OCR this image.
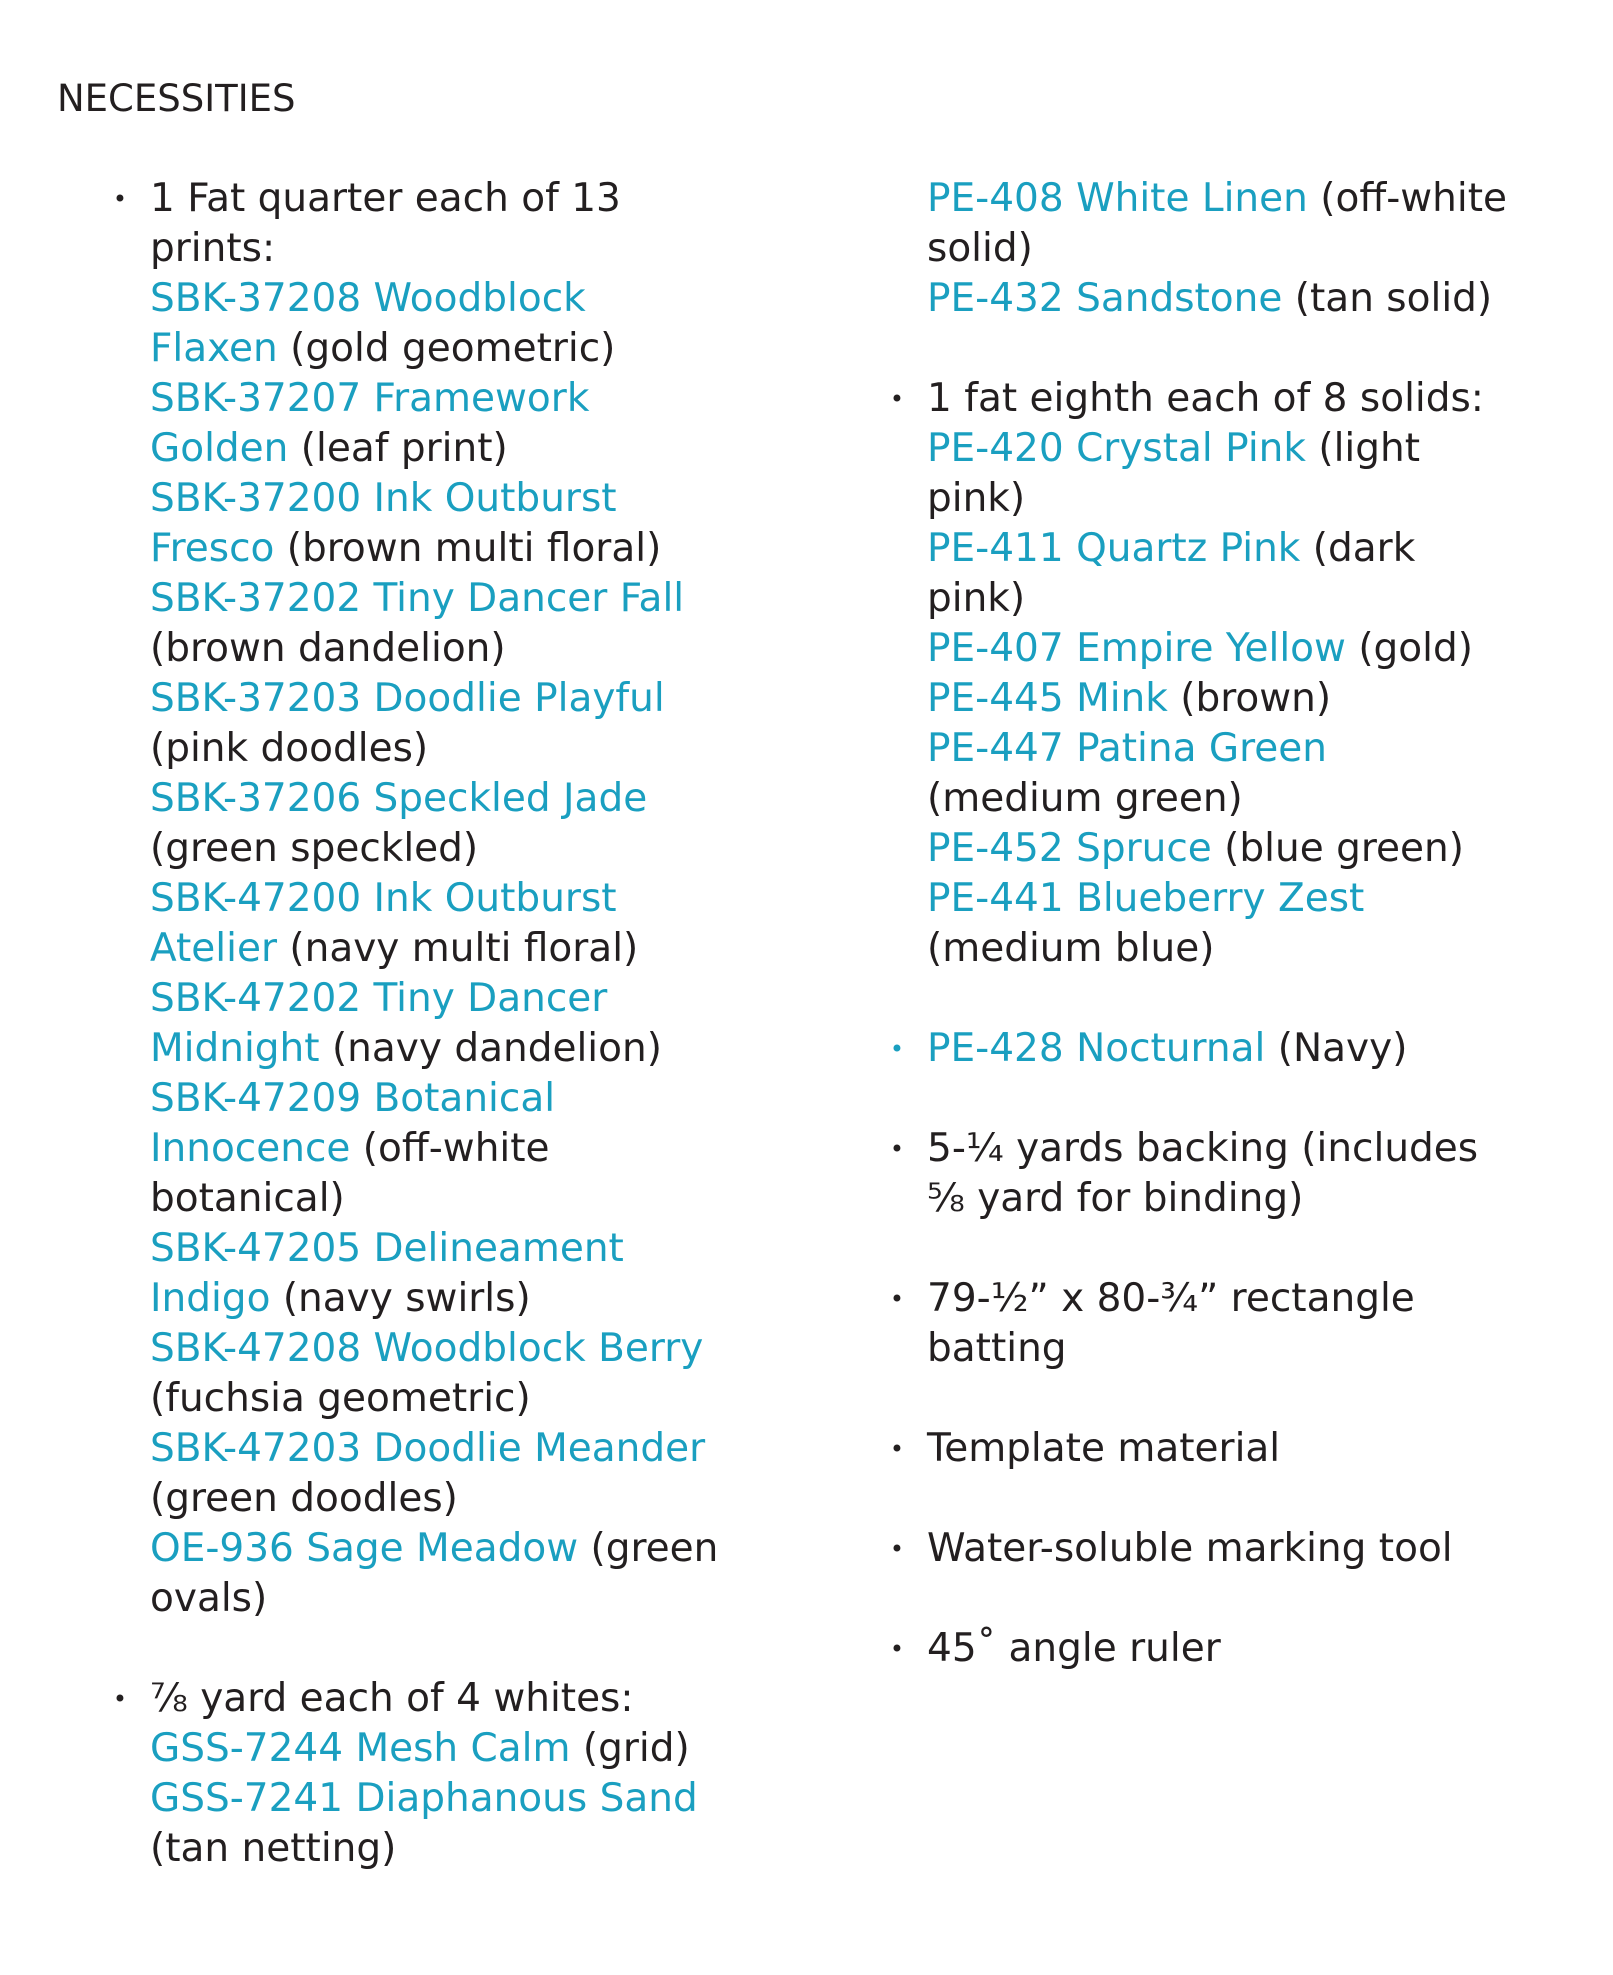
NECESSITIES
• 1 Fat quarter each of 13
prints:
SBK-37208 Woodblock
Flaxen (gold geometric)
SBK-37207 Framework
Golden (leaf print)
SBK-37200 Ink Outburst
Fresco (brown multi floral)
SBK-37202 Tiny Dancer Fall
(brown dandelion)
SBK-37203 Doodlie Playful
(pink doodles)
SBK-37206 Speckled Jade
(green speckled)
SBK-47200 Ink Outburst
Atelier (navy multi floral)
SBK-47202 Tiny Dancer
Midnight (navy dandelion)
SBK-47209 Botanical
Innocence (off-white
botanical)
SBK-47205 Delineament
Indigo (navy swirls)
SBK-47208 Woodblock Berry
(fuchsia geometric)
SBK-47203 Doodlie Meander
(green doodles)
OE-936 Sage Meadow (green
ovals)
• ⅞ yard each of 4 whites:
GSS-7244 Mesh Calm (grid)
GSS-7241 Diaphanous Sand
(tan netting)
PE-408 White Linen (off-white
solid)
PE-432 Sandstone (tan solid)
• 1 fat eighth each of 8 solids:
PE-420 Crystal Pink (light
pink)
PE-411 Quartz Pink (dark
pink)
PE-407 Empire Yellow (gold)
PE-445 Mink (brown)
PE-447 Patina Green
(medium green)
PE-452 Spruce (blue green)
PE-441 Blueberry Zest
(medium blue)
• PE-428 Nocturnal (Navy)
• 5-¼ yards backing (includes
⅝ yard for binding)
• 79-½” x 80-¾” rectangle
batting
• Template material
• Water-soluble marking tool
• 45˚ angle ruler
